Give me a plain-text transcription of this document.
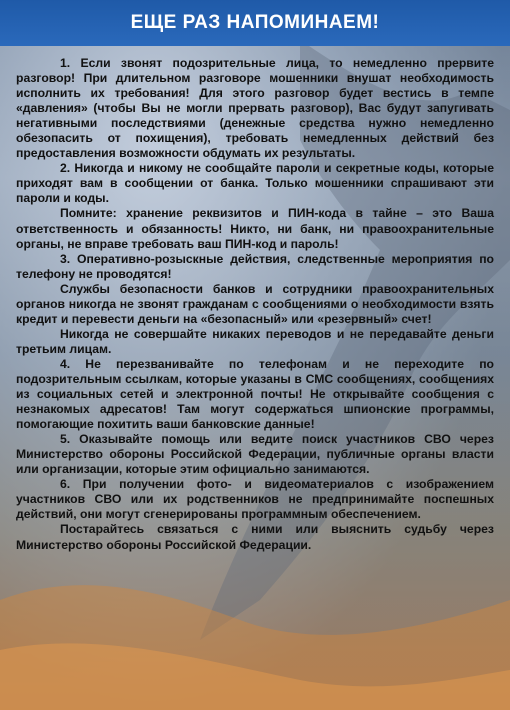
ЕЩЕ РАЗ НАПОМИНАЕМ!

1. Если звонят подозрительные лица, то немедленно прервите разговор! При длительном разговоре мошенники внушат необходимость исполнить их требования! Для этого разговор будет вестись в темпе «давления» (чтобы Вы не могли прервать разговор), Вас будут запугивать негативными последствиями (денежные средства нужно немедленно обезопасить от похищения), требовать немедленных действий без предоставления возможности обдумать их результаты.

2. Никогда и никому не сообщайте пароли и секретные коды, которые приходят вам в сообщении от банка. Только мошенники спрашивают эти пароли и коды.

Помните: хранение реквизитов и ПИН-кода в тайне – это Ваша ответственность и обязанность! Никто, ни банк, ни правоохранительные органы, не вправе требовать ваш ПИН-код и пароль!

3. Оперативно-розыскные действия, следственные мероприятия по телефону не проводятся!

Службы безопасности банков и сотрудники правоохранительных органов никогда не звонят гражданам с сообщениями о необходимости взять кредит и перевести деньги на «безопасный» или «резервный» счет!

Никогда не совершайте никаких переводов и не передавайте деньги третьим лицам.

4. Не перезванивайте по телефонам и не переходите по подозрительным ссылкам, которые указаны в СМС сообщениях, сообщениях из социальных сетей и электронной почты! Не открывайте сообщения с незнакомых адресатов! Там могут содержаться шпионские программы, помогающие похитить ваши банковские данные!

5. Оказывайте помощь или ведите поиск участников СВО через Министерство обороны Российской Федерации, публичные органы власти или организации, которые этим официально занимаются.

6. При получении фото- и видеоматериалов с изображением участников СВО или их родственников не предпринимайте поспешных действий, они могут сгенерированы программным обеспечением.

Постарайтесь связаться с ними или выяснить судьбу через Министерство обороны Российской Федерации.
